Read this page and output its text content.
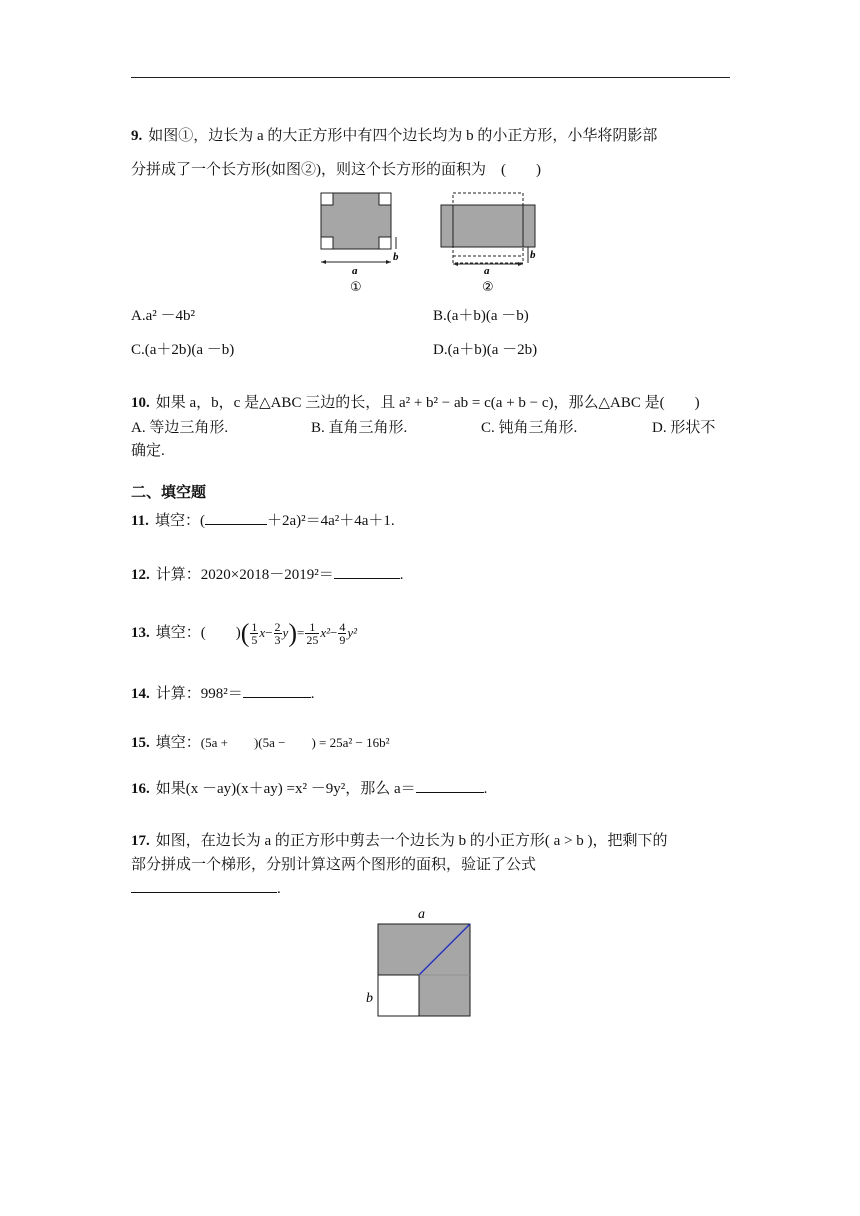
9. 如图①，边长为 a 的大正方形中有四个边长均为 b 的小正方形，小华将阴影部
分拼成了一个长方形(如图②)，则这个长方形的面积为　(　　)
a
b
①
a
b
②
A.a² －4b²	B.(a＋b)(a －b)
C.(a＋2b)(a －b)	D.(a＋b)(a －2b)
10. 如果 a，b，c 是△ABC 三边的长，且 a² + b² − ab = c(a + b − c)，那么△ABC 是(　　)
A. 等边三角形.	B. 直角三角形.	C. 钝角三角形.	D. 形状不
确定.
二、填空题
11. 填空：(	＋2a)²＝4a²＋4a＋1.
12. 计算：2020×2018－2019²＝	.
13. 填空：(　　)( $\frac{1}{5} x- \frac{2}{3} y)= \frac{1}{25} x^2- \frac{4}{9} y^2$
14. 计算：998²＝	.
15. 填空：(5a +　　)(5a −　　) = 25a² − 16b²
16. 如果(x －ay)(x＋ay) =x² －9y²，那么 a＝	.
17. 如图，在边长为 a 的正方形中剪去一个边长为 b 的小正方形( a > b )，把剩下的
部分拼成一个梯形，分别计算这两个图形的面积，验证了公式
.
a
b
